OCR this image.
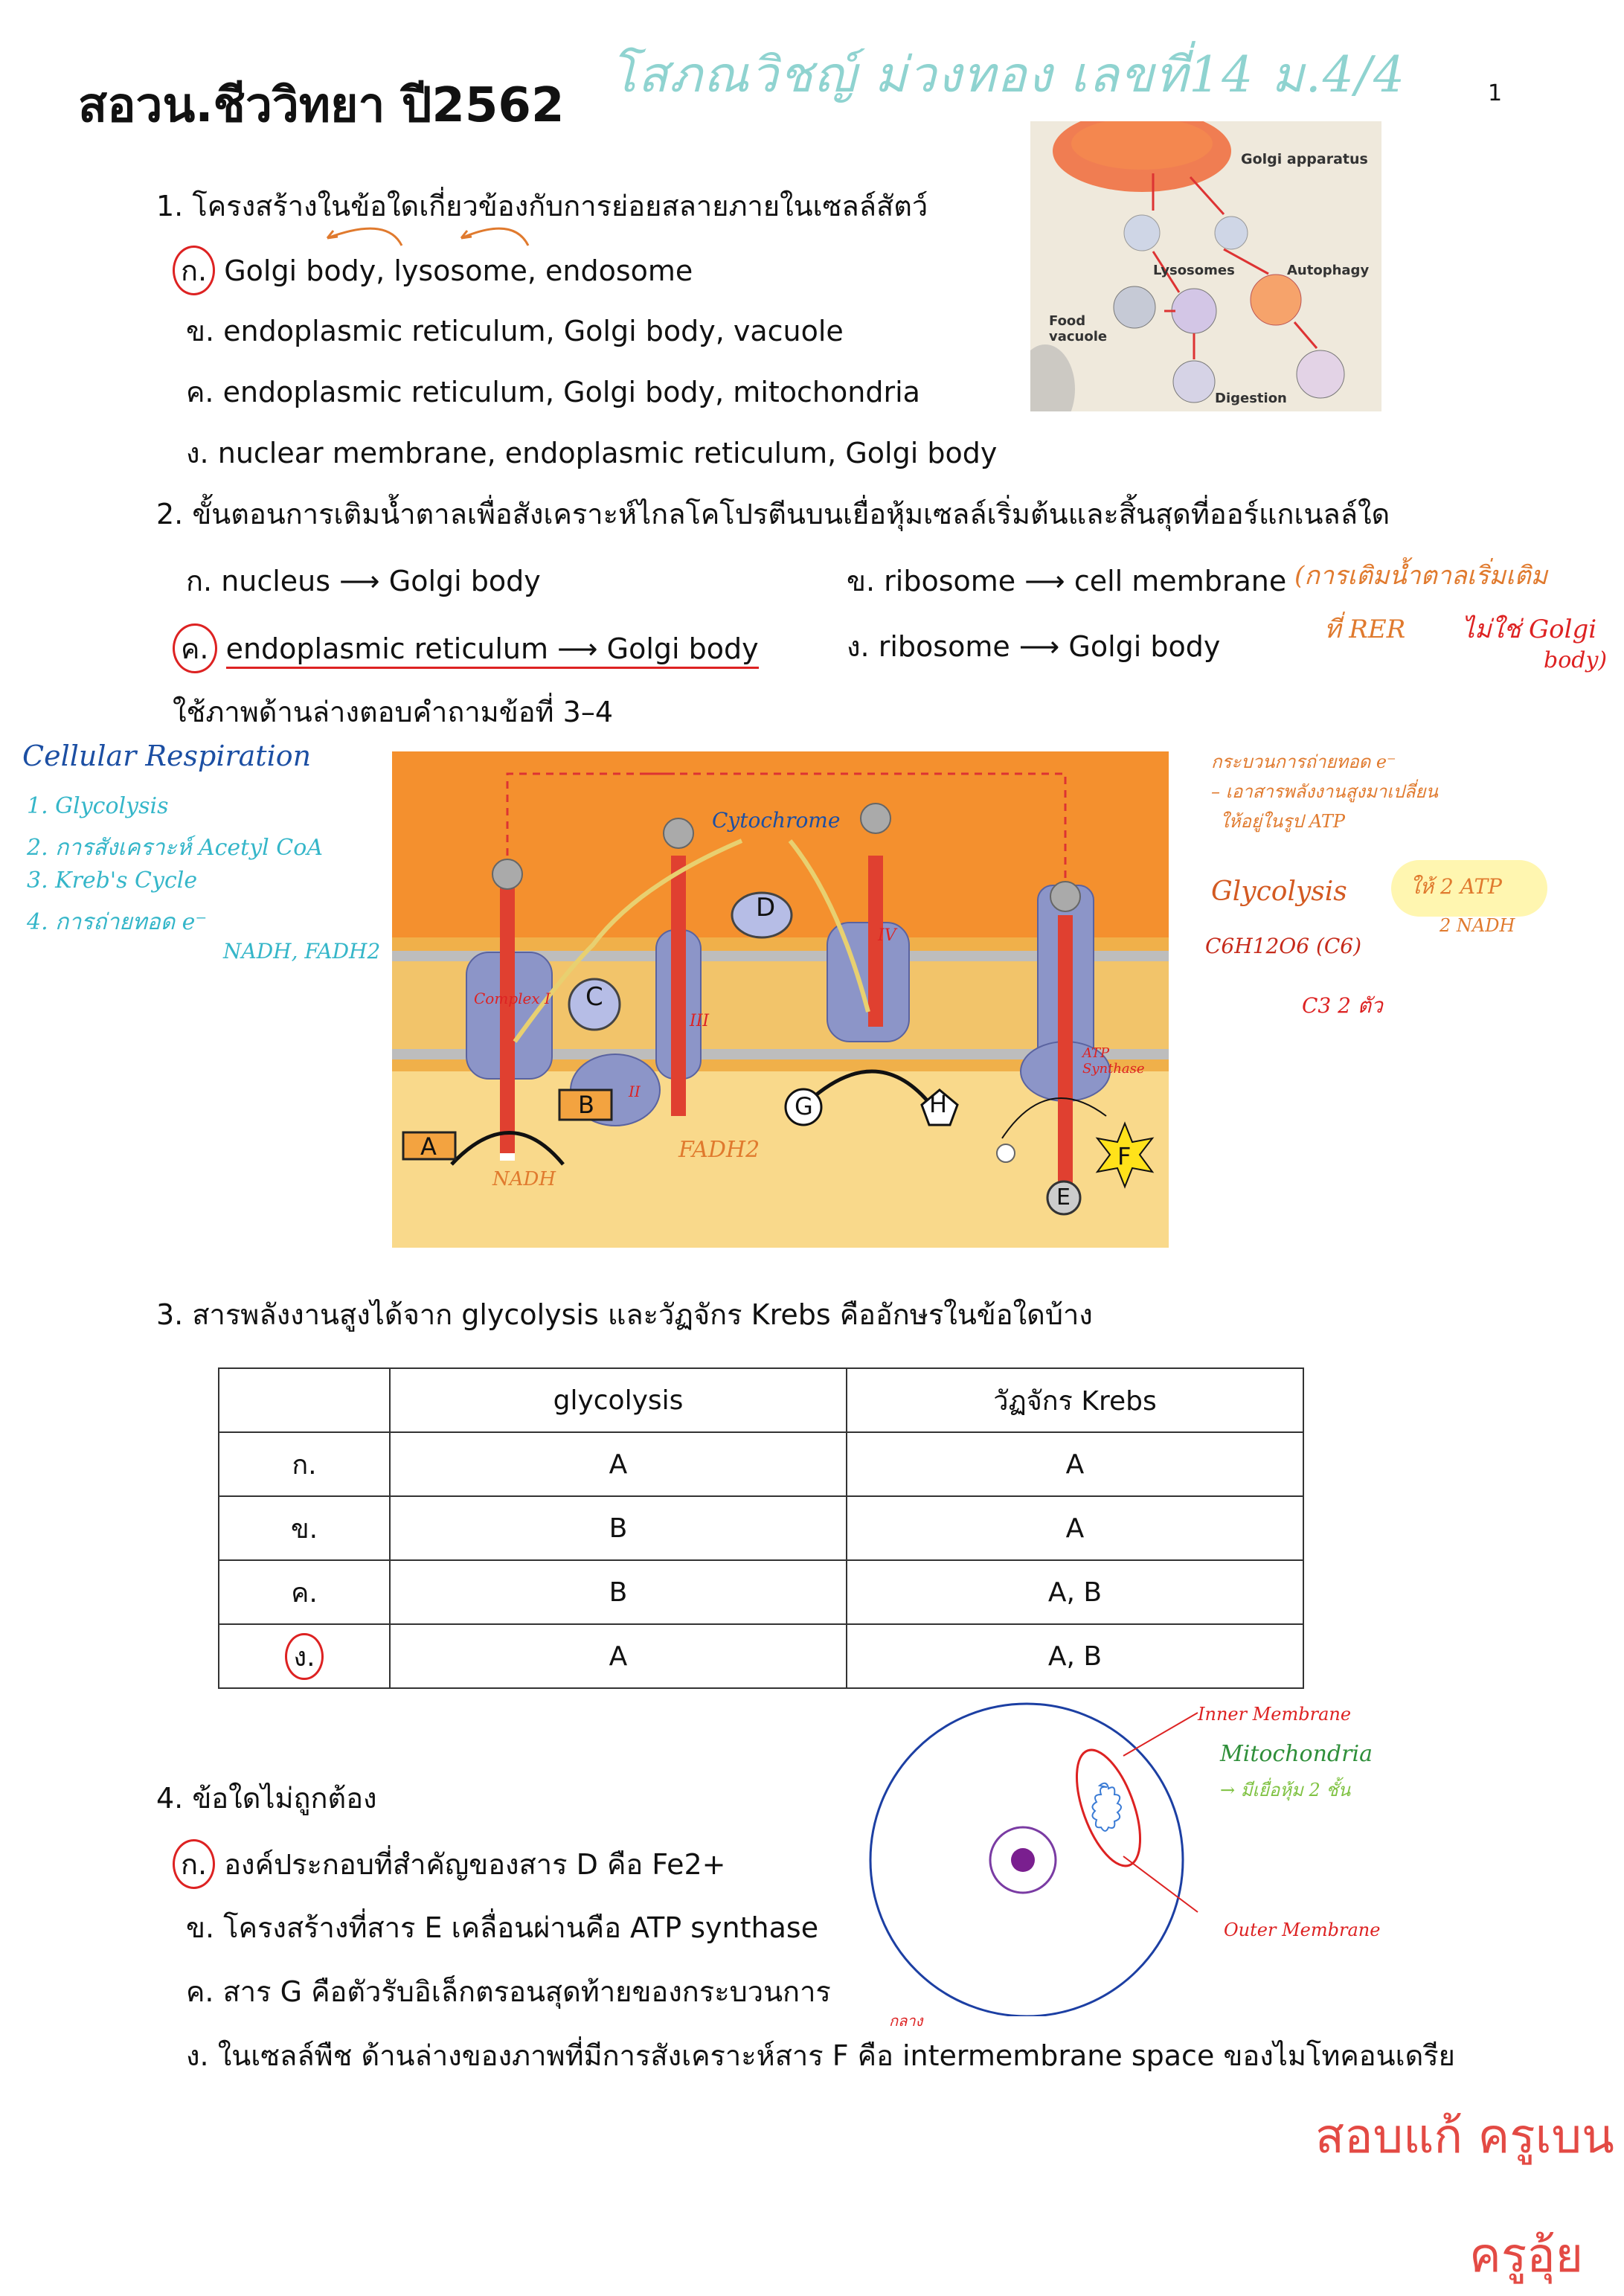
สอวน.ชีววิทยา ปี2562
โสภณวิชญ์ ม่วงทอง เลขที่14 ม.4/4	1
1. โครงสร้างในข้อใดเกี่ยวข้องกับการย่อยสลายภายในเซลล์สัตว์
ก. Golgi body, lysosome, endosome
ข. endoplasmic reticulum, Golgi body, vacuole
ค. endoplasmic reticulum, Golgi body, mitochondria
ง. nuclear membrane, endoplasmic reticulum, Golgi body
Golgi apparatus
Lysosomes	Autophagy
Food vacuole
Digestion
2. ขั้นตอนการเติมน้ำตาลเพื่อสังเคราะห์ไกลโคโปรตีนบนเยื่อหุ้มเซลล์เริ่มต้นและสิ้นสุดที่ออร์แกเนลล์ใด
ก. nucleus ⟶ Golgi body	ข. ribosome ⟶ cell membrane
ค. endoplasmic reticulum ⟶ Golgi body	ง. ribosome ⟶ Golgi body
(การเติมน้ำตาลเริ่มเติม
ที่ RER ไม่ใช่ Golgi
body)
ใช้ภาพด้านล่างตอบคำถามข้อที่ 3–4
Cellular Respiration
1. Glycolysis
2. การสังเคราะห์ Acetyl CoA
3. Kreb's Cycle
4. การถ่ายทอด e⁻
NADH, FADH2
D
C
B
A
G	H
E
F
Complex I
II
III
IV
ATP Synthase
Cytochrome
NADH
FADH2
กระบวนการถ่ายทอด e⁻
– เอาสารพลังงานสูงมาเปลี่ยน
ให้อยู่ในรูป ATP
Glycolysis	ให้ 2 ATP
2 NADH
C6H12O6 (C6)
C3 2 ตัว
3. สารพลังงานสูงได้จาก glycolysis และวัฏจักร Krebs คืออักษรในข้อใดบ้าง
	glycolysis	วัฏจักร Krebs
ก.	A	A
ข.	B	A
ค.	B	A, B
ง.	A	A, B
4. ข้อใดไม่ถูกต้อง
ก. องค์ประกอบที่สำคัญของสาร D คือ Fe2+
ข. โครงสร้างที่สาร E เคลื่อนผ่านคือ ATP synthase
ค. สาร G คือตัวรับอิเล็กตรอนสุดท้ายของกระบวนการ
กลาง
ง. ในเซลล์พืช ด้านล่างของภาพที่มีการสังเคราะห์สาร F คือ intermembrane space ของไมโทคอนเดรีย
Inner Membrane
Mitochondria
→ มีเยื่อหุ้ม 2 ชั้น
Outer Membrane
สอบแก้ ครูเบน
ครูอุ้ย
